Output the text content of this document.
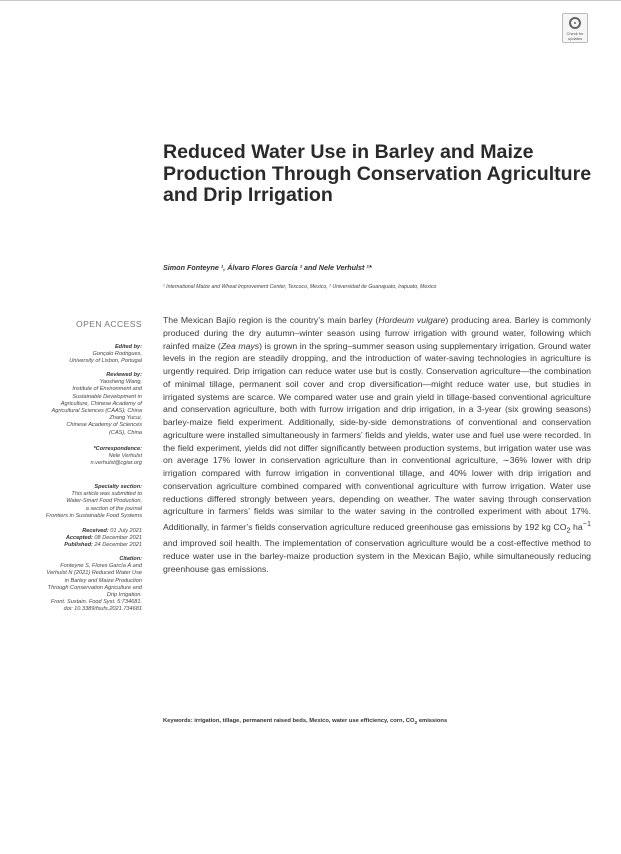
Check for
updates
Reduced Water Use in Barley and Maize Production Through Conservation Agriculture and Drip Irrigation
Simon Fonteyne ¹, Álvaro Flores García ² and Nele Verhulst ¹*
¹ International Maize and Wheat Improvement Center, Texcoco, Mexico, ² Universidad de Guanajuato, Irapuato, Mexico
OPEN ACCESS
Edited by:
Gonçalo Rodrigues,
University of Lisbon, Portugal
Reviewed by:
Yaosheng Wang,
Institute of Environment and
Sustainable Development in
Agriculture, Chinese Academy of
Agricultural Sciences (CAAS), China
Zhang Yucui,
Chinese Academy of Sciences
(CAS), China
*Correspondence:
Nele Verhulst
n.verhulst@cgiar.org
Specialty section:
This article was submitted to
Water-Smart Food Production,
a section of the journal
Frontiers in Sustainable Food Systems
Received: 01 July 2021
Accepted: 08 December 2021
Published: 24 December 2021
Citation:
Fonteyne S, Flores García Á and
Verhulst N (2021) Reduced Water Use
in Barley and Maize Production
Through Conservation Agriculture and
Drip Irrigation.
Front. Sustain. Food Syst. 5:734681.
doi: 10.3389/fsufs.2021.734681

The Mexican Bajío region is the country’s main barley (Hordeum vulgare) producing area. Barley is commonly produced during the dry autumn–winter season using furrow irrigation with ground water, following which rainfed maize (Zea mays) is grown in the spring–summer season using supplementary irrigation. Ground water levels in the region are steadily dropping, and the introduction of water-saving technologies in agriculture is urgently required. Drip irrigation can reduce water use but is costly. Conservation agriculture—the combination of minimal tillage, permanent soil cover and crop diversification—might reduce water use, but studies in irrigated systems are scarce. We compared water use and grain yield in tillage-based conventional agriculture and conservation agriculture, both with furrow irrigation and drip irrigation, in a 3-year (six growing seasons) barley-maize field experiment. Additionally, side-by-side demonstrations of conventional and conservation agriculture were installed simultaneously in farmers’ fields and yields, water use and fuel use were recorded. In the field experiment, yields did not differ significantly between production systems, but irrigation water use was on average 17% lower in conservation agriculture than in conventional agriculture, ∼36% lower with drip irrigation compared with furrow irrigation in conventional tillage, and 40% lower with drip irrigation and conservation agriculture combined compared with conventional agriculture with furrow irrigation. Water use reductions differed strongly between years, depending on weather. The water saving through conservation agriculture in farmers’ fields was similar to the water saving in the controlled experiment with about 17%. Additionally, in farmer’s fields conservation agriculture reduced greenhouse gas emissions by 192 kg $CO_2$ $ha^{-1}$ and improved soil health. The implementation of conservation agriculture would be a cost-effective method to reduce water use in the barley-maize production system in the Mexican Bajío, while simultaneously reducing greenhouse gas emissions.

Keywords: irrigation, tillage, permanent raised beds, Mexico, water use efficiency, corn, $CO_2$ emissions
